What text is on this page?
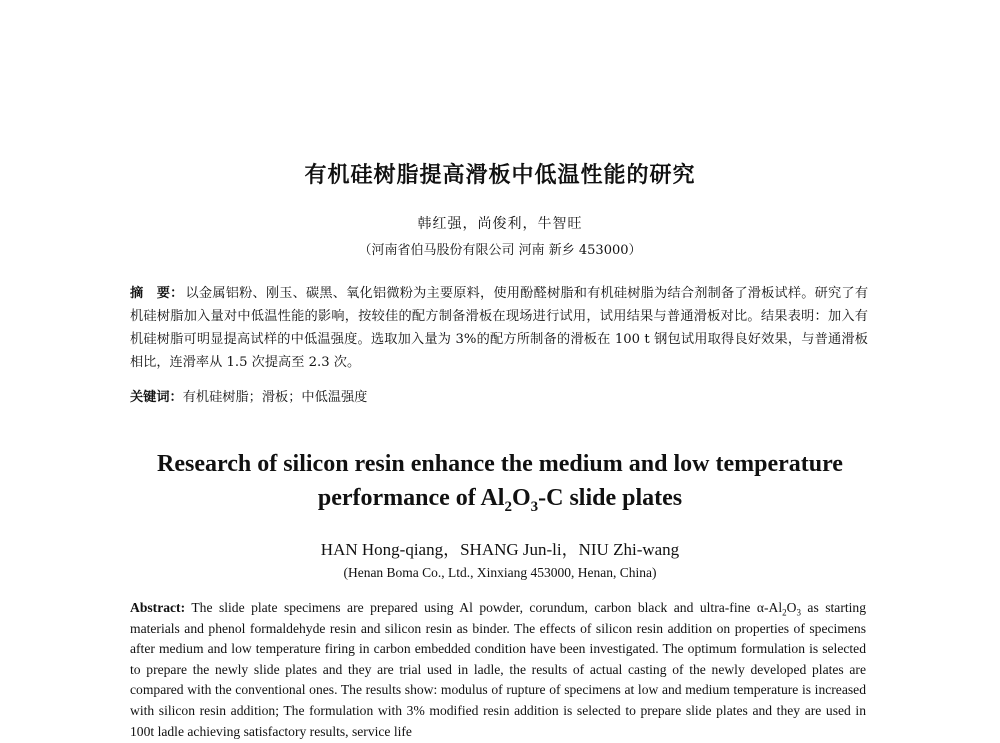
有机硅树脂提高滑板中低温性能的研究
韩红强，尚俊利，牛智旺
（河南省伯马股份有限公司 河南 新乡 453000）
摘　要： 以金属铝粉、刚玉、碳黑、氧化铝微粉为主要原料，使用酚醛树脂和有机硅树脂为结合剂制备了滑板试样。研究了有机硅树脂加入量对中低温性能的影响，按较佳的配方制备滑板在现场进行试用，试用结果与普通滑板对比。结果表明：加入有机硅树脂可明显提高试样的中低温强度。选取加入量为 3%的配方所制备的滑板在 100 t 钢包试用取得良好效果，与普通滑板相比，连滑率从 1.5 次提高至 2.3 次。
关键词：有机硅树脂；滑板；中低温强度
Research of silicon resin enhance the medium and low temperature
performance of $Al_2O_3-C$ slide plates
HAN Hong-qiang，SHANG Jun-li，NIU Zhi-wang
(Henan Boma Co., Ltd., Xinxiang 453000, Henan, China)
Abstract: The slide plate specimens are prepared using Al powder, corundum, carbon black and ultra-fine $\alpha-Al_2O_3$ as starting materials and phenol formaldehyde resin and silicon resin as binder. The effects of silicon resin addition on properties of specimens after medium and low temperature firing in carbon embedded condition have been investigated. The optimum formulation is selected to prepare the newly slide plates and they are trial used in ladle, the results of actual casting of the newly developed plates are compared with the conventional ones. The results show: modulus of rupture of specimens at low and medium temperature is increased with silicon resin addition; The formulation with 3% modified resin addition is selected to prepare slide plates and they are used in 100t ladle achieving satisfactory results, service life
